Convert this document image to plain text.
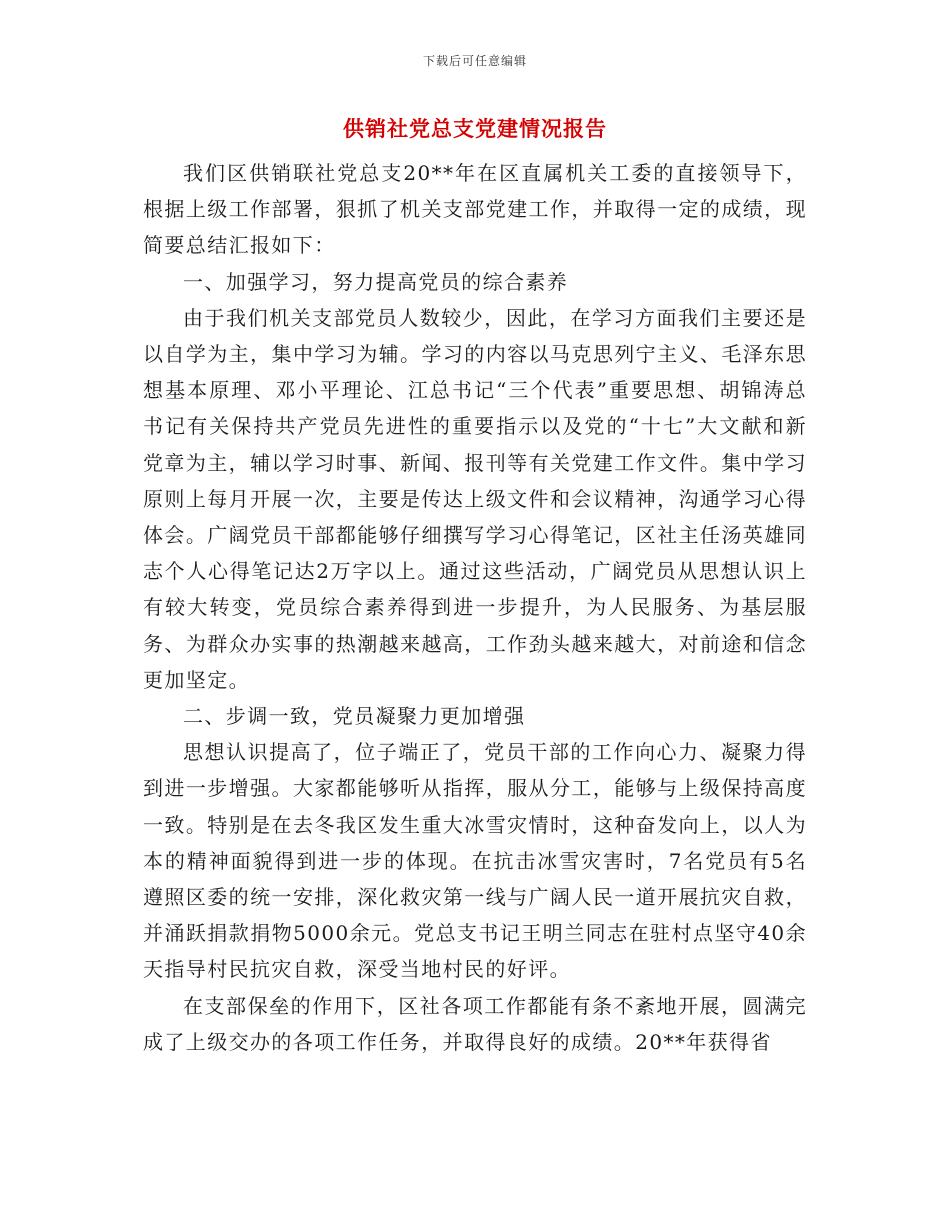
下载后可任意编辑
供销社党总支党建情况报告

我们区供销联社党总支20**年在区直属机关工委的直接领导下，根据上级工作部署，狠抓了机关支部党建工作，并取得一定的成绩，现简要总结汇报如下：

一、加强学习，努力提高党员的综合素养

由于我们机关支部党员人数较少，因此，在学习方面我们主要还是以自学为主，集中学习为辅。学习的内容以马克思列宁主义、毛泽东思想基本原理、邓小平理论、江总书记“三个代表”重要思想、胡锦涛总书记有关保持共产党员先进性的重要指示以及党的“十七”大文献和新党章为主，辅以学习时事、新闻、报刊等有关党建工作文件。集中学习原则上每月开展一次，主要是传达上级文件和会议精神，沟通学习心得体会。广阔党员干部都能够仔细撰写学习心得笔记，区社主任汤英雄同志个人心得笔记达2万字以上。通过这些活动，广阔党员从思想认识上有较大转变，党员综合素养得到进一步提升，为人民服务、为基层服务、为群众办实事的热潮越来越高，工作劲头越来越大，对前途和信念更加坚定。

二、步调一致，党员凝聚力更加增强

思想认识提高了，位子端正了，党员干部的工作向心力、凝聚力得到进一步增强。大家都能够听从指挥，服从分工，能够与上级保持高度一致。特别是在去冬我区发生重大冰雪灾情时，这种奋发向上，以人为本的精神面貌得到进一步的体现。在抗击冰雪灾害时，7名党员有5名遵照区委的统一安排，深化救灾第一线与广阔人民一道开展抗灾自救，并涌跃捐款捐物5000余元。党总支书记王明兰同志在驻村点坚守40余天指导村民抗灾自救，深受当地村民的好评。

在支部保垒的作用下，区社各项工作都能有条不紊地开展，圆满完成了上级交办的各项工作任务，并取得良好的成绩。20**年获得省
